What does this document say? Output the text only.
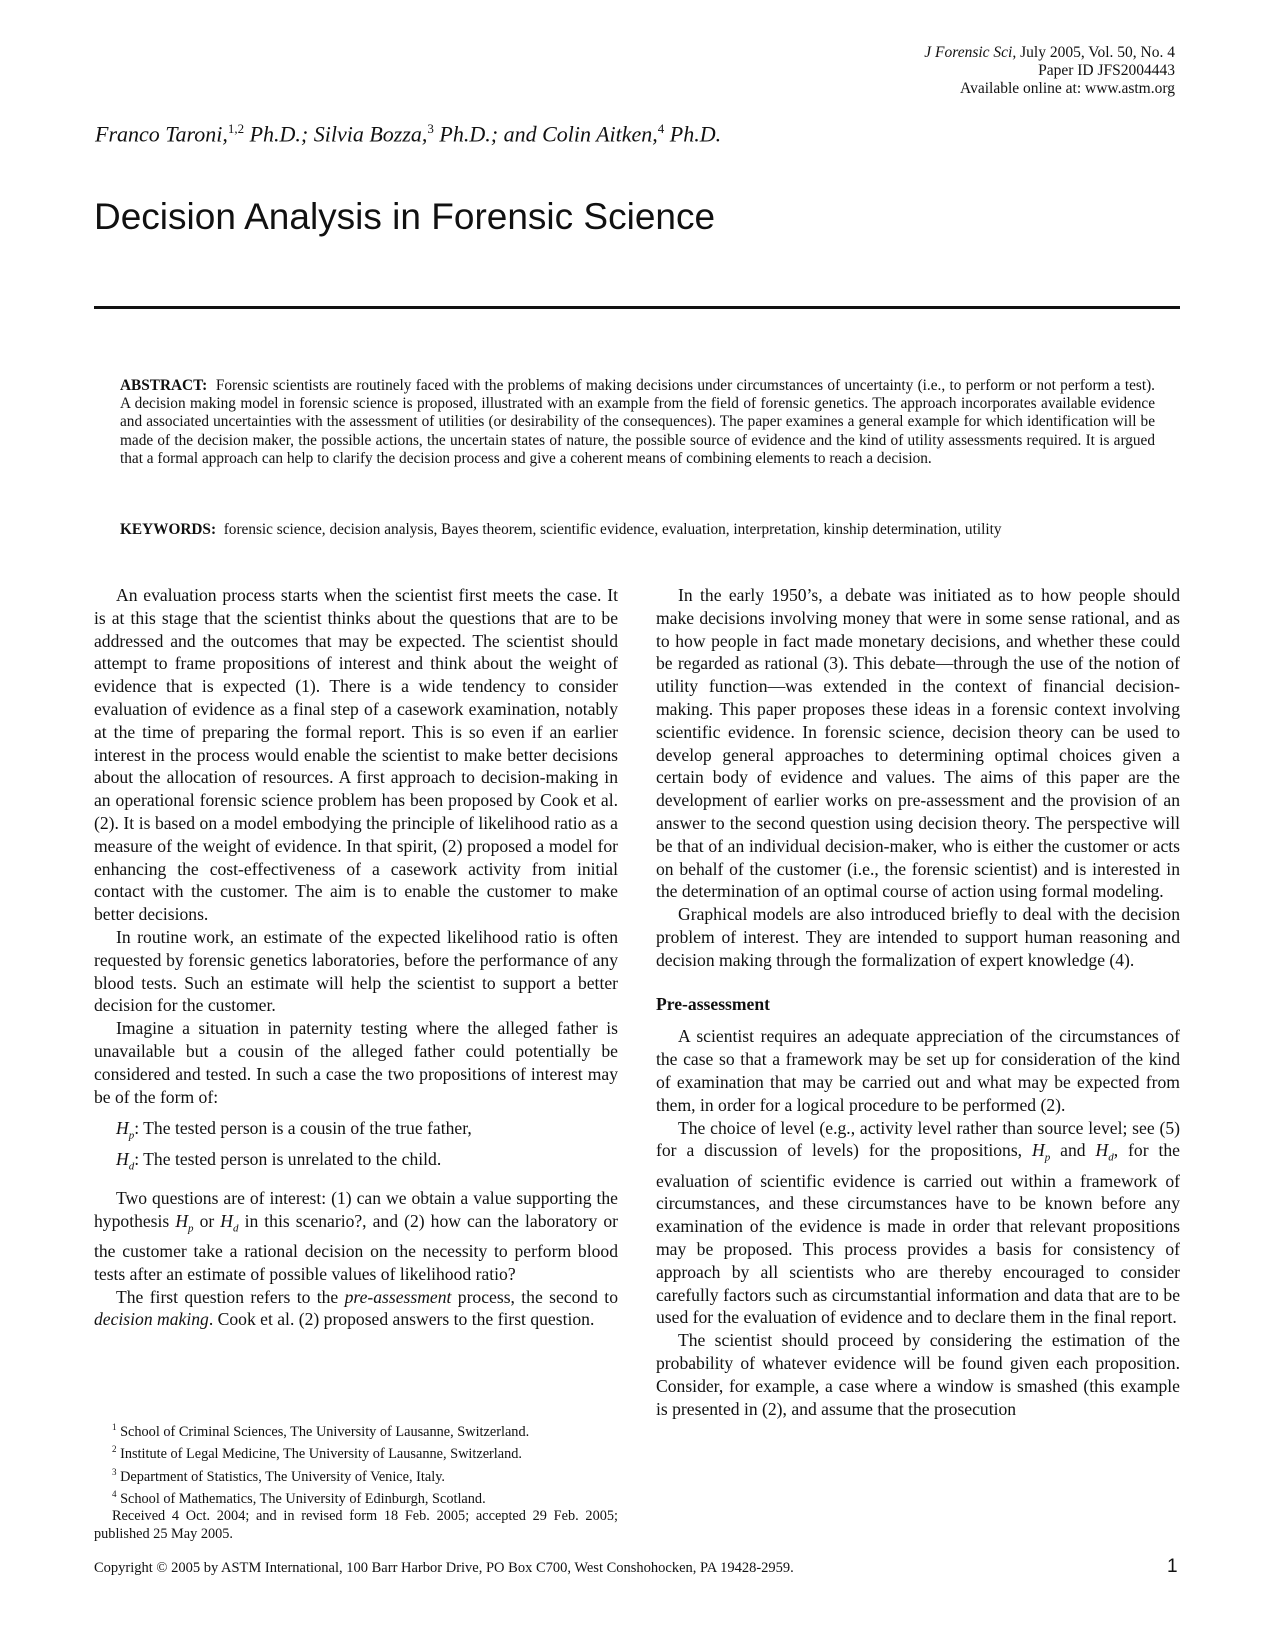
J Forensic Sci, July 2005, Vol. 50, No. 4
Paper ID JFS2004443
Available online at: www.astm.org
Franco Taroni,$^{1,2}$ Ph.D.; Silvia Bozza,$^3$ Ph.D.; and Colin Aitken,$^4$ Ph.D.
Decision Analysis in Forensic Science
ABSTRACT: Forensic scientists are routinely faced with the problems of making decisions under circumstances of uncertainty (i.e., to perform or not perform a test). A decision making model in forensic science is proposed, illustrated with an example from the field of forensic genetics. The approach incorporates available evidence and associated uncertainties with the assessment of utilities (or desirability of the consequences). The paper examines a general example for which identification will be made of the decision maker, the possible actions, the uncertain states of nature, the possible source of evidence and the kind of utility assessments required. It is argued that a formal approach can help to clarify the decision process and give a coherent means of combining elements to reach a decision.
KEYWORDS: forensic science, decision analysis, Bayes theorem, scientific evidence, evaluation, interpretation, kinship determination, utility

An evaluation process starts when the scientist first meets the case. It is at this stage that the scientist thinks about the questions that are to be addressed and the outcomes that may be expected. The scientist should attempt to frame propositions of interest and think about the weight of evidence that is expected (1). There is a wide tendency to consider evaluation of evidence as a final step of a casework examination, notably at the time of preparing the formal report. This is so even if an earlier interest in the process would enable the scientist to make better decisions about the allocation of resources. A first approach to decision-making in an operational forensic science problem has been proposed by Cook et al. (2). It is based on a model embodying the principle of likelihood ratio as a measure of the weight of evidence. In that spirit, (2) proposed a model for enhancing the cost-effectiveness of a casework activity from initial contact with the customer. The aim is to enable the customer to make better decisions.

In routine work, an estimate of the expected likelihood ratio is often requested by forensic genetics laboratories, before the performance of any blood tests. Such an estimate will help the scientist to support a better decision for the customer.

Imagine a situation in paternity testing where the alleged father is unavailable but a cousin of the alleged father could potentially be considered and tested. In such a case the two propositions of interest may be of the form of:

$H_p$: The tested person is a cousin of the true father,
$H_d$: The tested person is unrelated to the child.

Two questions are of interest: (1) can we obtain a value supporting the hypothesis $H_p$ or $H_d$ in this scenario?, and (2) how can the laboratory or the customer take a rational decision on the necessity to perform blood tests after an estimate of possible values of likelihood ratio?

The first question refers to the pre-assessment process, the second to decision making. Cook et al. (2) proposed answers to the first question.

$^1$ School of Criminal Sciences, The University of Lausanne, Switzerland.
$^2$ Institute of Legal Medicine, The University of Lausanne, Switzerland.
$^3$ Department of Statistics, The University of Venice, Italy.
$^4$ School of Mathematics, The University of Edinburgh, Scotland.
Received 4 Oct. 2004; and in revised form 18 Feb. 2005; accepted 29 Feb. 2005; published 25 May 2005.

In the early 1950’s, a debate was initiated as to how people should make decisions involving money that were in some sense rational, and as to how people in fact made monetary decisions, and whether these could be regarded as rational (3). This debate—through the use of the notion of utility function—was extended in the context of financial decision-making. This paper proposes these ideas in a forensic context involving scientific evidence. In forensic science, decision theory can be used to develop general approaches to determining optimal choices given a certain body of evidence and values. The aims of this paper are the development of earlier works on pre-assessment and the provision of an answer to the second question using decision theory. The perspective will be that of an individual decision-maker, who is either the customer or acts on behalf of the customer (i.e., the forensic scientist) and is interested in the determination of an optimal course of action using formal modeling.

Graphical models are also introduced briefly to deal with the decision problem of interest. They are intended to support human reasoning and decision making through the formalization of expert knowledge (4).

Pre-assessment

A scientist requires an adequate appreciation of the circumstances of the case so that a framework may be set up for consideration of the kind of examination that may be carried out and what may be expected from them, in order for a logical procedure to be performed (2).

The choice of level (e.g., activity level rather than source level; see (5) for a discussion of levels) for the propositions, $H_p$ and $H_d$, for the evaluation of scientific evidence is carried out within a framework of circumstances, and these circumstances have to be known before any examination of the evidence is made in order that relevant propositions may be proposed. This process provides a basis for consistency of approach by all scientists who are thereby encouraged to consider carefully factors such as circumstantial information and data that are to be used for the evaluation of evidence and to declare them in the final report.

The scientist should proceed by considering the estimation of the probability of whatever evidence will be found given each proposition. Consider, for example, a case where a window is smashed (this example is presented in (2), and assume that the prosecution

Copyright © 2005 by ASTM International, 100 Barr Harbor Drive, PO Box C700, West Conshohocken, PA 19428-2959.	1
